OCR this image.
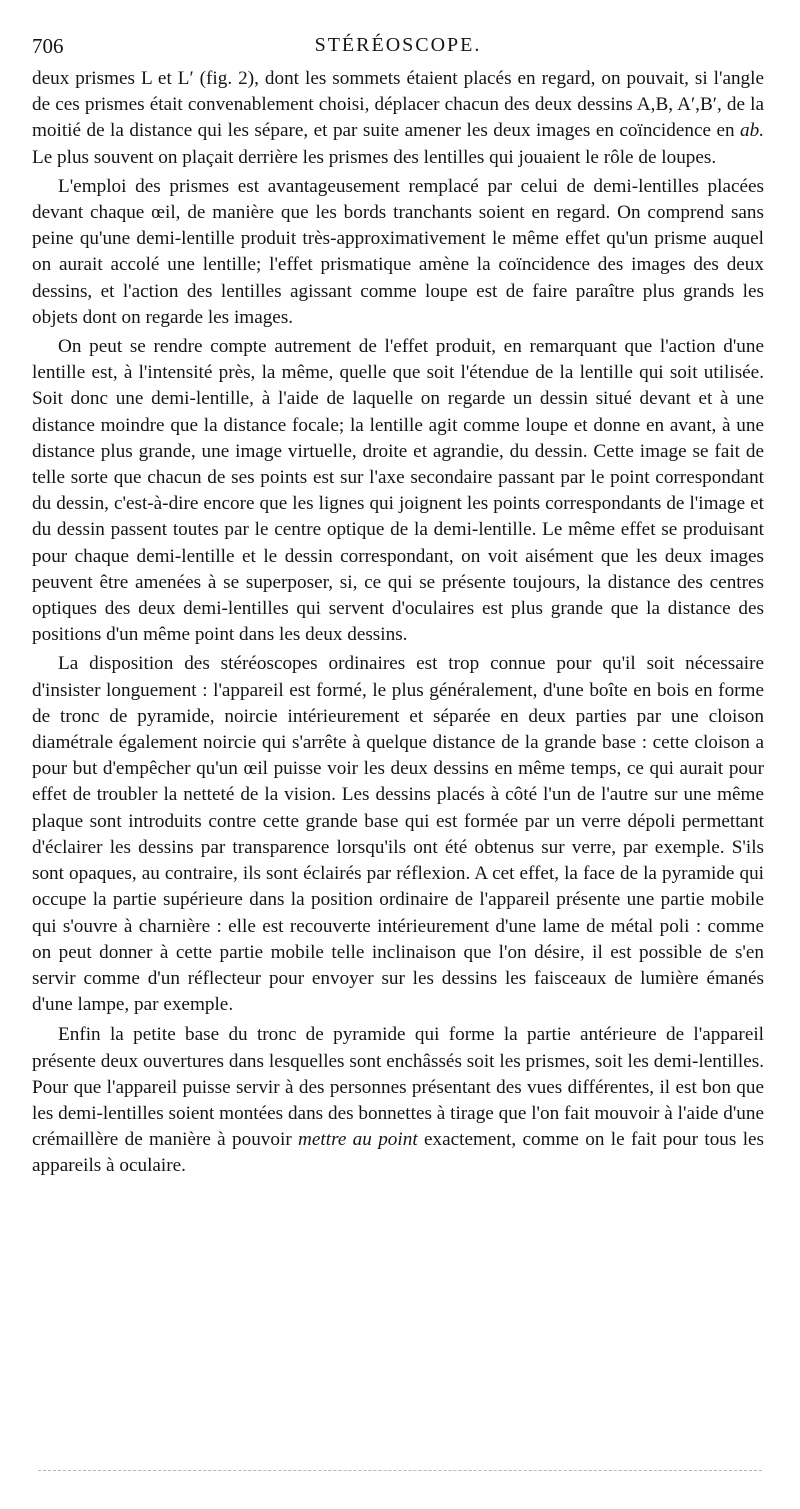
706	STÉRÉOSCOPE.

deux prismes L et L′ (fig. 2), dont les sommets étaient placés en regard, on pouvait, si l'angle de ces prismes était convenablement choisi, déplacer chacun des deux dessins A,B, A′,B′, de la moitié de la distance qui les sépare, et par suite amener les deux images en coïncidence en ab. Le plus souvent on plaçait derrière les prismes des lentilles qui jouaient le rôle de loupes.

L'emploi des prismes est avantageusement remplacé par celui de demi-lentilles placées devant chaque œil, de manière que les bords tranchants soient en regard. On comprend sans peine qu'une demi-lentille produit très-approximativement le même effet qu'un prisme auquel on aurait accolé une lentille; l'effet prismatique amène la coïncidence des images des deux dessins, et l'action des lentilles agissant comme loupe est de faire paraître plus grands les objets dont on regarde les images.

On peut se rendre compte autrement de l'effet produit, en remarquant que l'action d'une lentille est, à l'intensité près, la même, quelle que soit l'étendue de la lentille qui soit utilisée. Soit donc une demi-lentille, à l'aide de laquelle on regarde un dessin situé devant et à une distance moindre que la distance focale; la lentille agit comme loupe et donne en avant, à une distance plus grande, une image virtuelle, droite et agrandie, du dessin. Cette image se fait de telle sorte que chacun de ses points est sur l'axe secondaire passant par le point correspondant du dessin, c'est-à-dire encore que les lignes qui joignent les points correspondants de l'image et du dessin passent toutes par le centre optique de la demi-lentille. Le même effet se produisant pour chaque demi-lentille et le dessin correspondant, on voit aisément que les deux images peuvent être amenées à se superposer, si, ce qui se présente toujours, la distance des centres optiques des deux demi-lentilles qui servent d'oculaires est plus grande que la distance des positions d'un même point dans les deux dessins.

La disposition des stéréoscopes ordinaires est trop connue pour qu'il soit nécessaire d'insister longuement : l'appareil est formé, le plus généralement, d'une boîte en bois en forme de tronc de pyramide, noircie intérieurement et séparée en deux parties par une cloison diamétrale également noircie qui s'arrête à quelque distance de la grande base : cette cloison a pour but d'empêcher qu'un œil puisse voir les deux dessins en même temps, ce qui aurait pour effet de troubler la netteté de la vision. Les dessins placés à côté l'un de l'autre sur une même plaque sont introduits contre cette grande base qui est formée par un verre dépoli permettant d'éclairer les dessins par transparence lorsqu'ils ont été obtenus sur verre, par exemple. S'ils sont opaques, au contraire, ils sont éclairés par réflexion. A cet effet, la face de la pyramide qui occupe la partie supérieure dans la position ordinaire de l'appareil présente une partie mobile qui s'ouvre à charnière : elle est recouverte intérieurement d'une lame de métal poli : comme on peut donner à cette partie mobile telle inclinaison que l'on désire, il est possible de s'en servir comme d'un réflecteur pour envoyer sur les dessins les faisceaux de lumière émanés d'une lampe, par exemple.

Enfin la petite base du tronc de pyramide qui forme la partie antérieure de l'appareil présente deux ouvertures dans lesquelles sont enchâssés soit les prismes, soit les demi-lentilles. Pour que l'appareil puisse servir à des personnes présentant des vues différentes, il est bon que les demi-lentilles soient montées dans des bonnettes à tirage que l'on fait mouvoir à l'aide d'une crémaillère de manière à pouvoir mettre au point exactement, comme on le fait pour tous les appareils à oculaire.
